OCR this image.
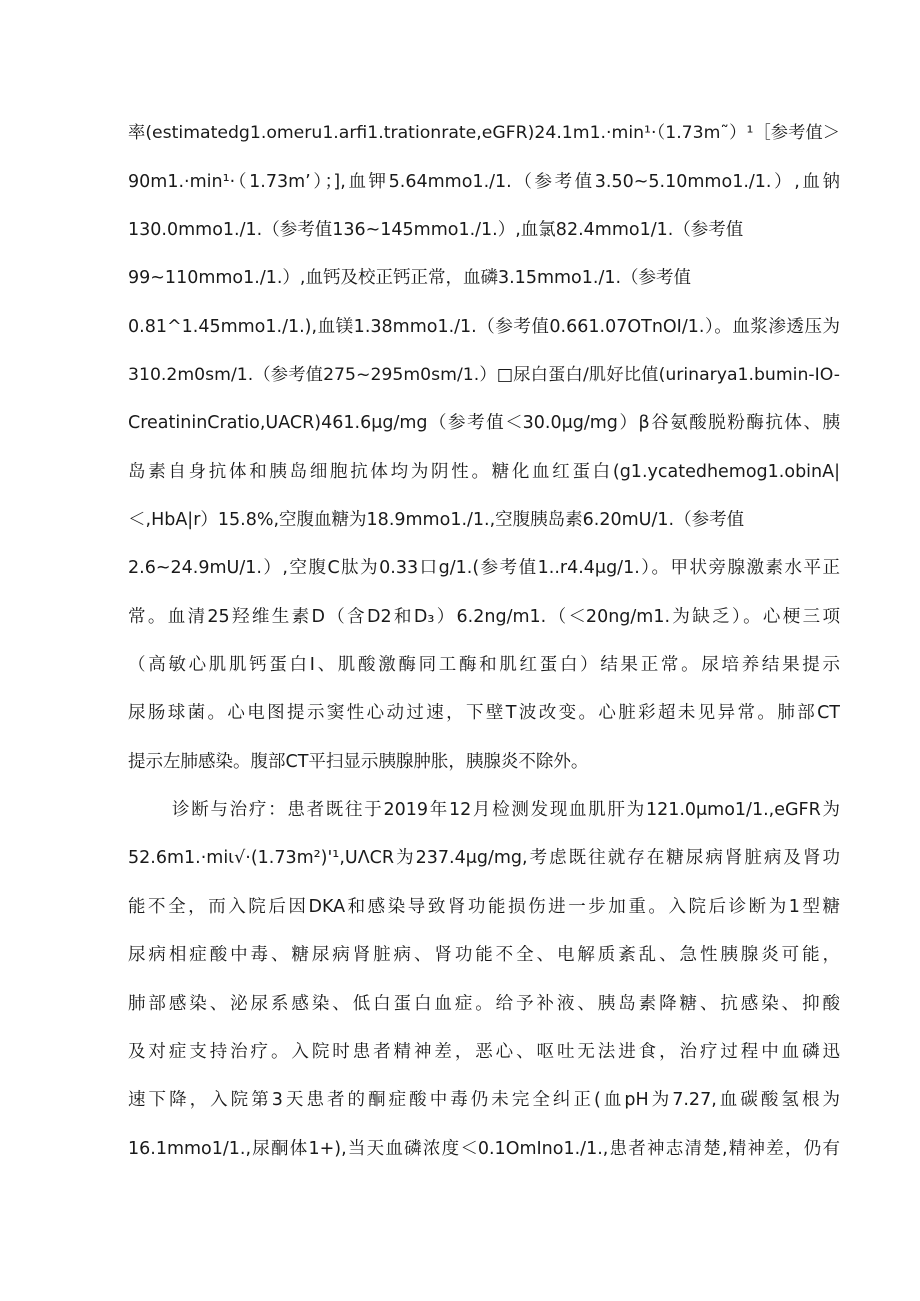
率(estimatedg1.omeru1.arfi1.trationrate,eGFR)24.1m1.·min¹·（1.73m˜）¹［参考值＞
90m1.·min¹·（1.73m’）；],血钾5.64mmo1./1.（参考值3.50~5.10mmo1./1.）,血钠
130.0mmo1./1.（参考值136~145mmo1./1.）,血氯82.4mmo1/1.（参考值
99~110mmo1./1.）,血钙及校正钙正常，血磷3.15mmo1./1.（参考值
0.81^1.45mmo1./1.),血镁1.38mmo1./1.（参考值0.661.07OTnOI/1.）。血浆渗透压为
310.2m0sm/1.（参考值275~295m0sm/1.）□尿白蛋白/肌好比值(urinarya1.bumin-IO-
CreatininCratio,UACR)461.6μg/mg（参考值＜30.0μg/mg）β谷氨酸脱粉酶抗体、胰
岛素自身抗体和胰岛细胞抗体均为阴性。糖化血红蛋白(g1.ycatedhemog1.obinA|
＜,HbA|r）15.8%,空腹血糖为18.9mmo1./1.,空腹胰岛素6.20mU/1.（参考值
2.6~24.9mU/1.）,空腹C肽为0.33口g/1.(参考值1..r4.4μg/1.）。甲状旁腺激素水平正
常。血清25羟维生素D（含D2和D₃）6.2ng/m1.（＜20ng/m1.为缺乏）。心梗三项
（高敏心肌肌钙蛋白I、肌酸激酶同工酶和肌红蛋白）结果正常。尿培养结果提示
尿肠球菌。心电图提示窦性心动过速，下壁T波改变。心脏彩超未见异常。肺部CT
提示左肺感染。腹部CT平扫显示胰腺肿胀，胰腺炎不除外。
诊断与治疗：患者既往于2019年12月检测发现血肌肝为121.0μmo1/1.,eGFR为
52.6m1.·miι√·(1.73m²)'¹,UΛCR为237.4μg/mg,考虑既往就存在糖尿病肾脏病及肾功
能不全，而入院后因DKA和感染导致肾功能损伤进一步加重。入院后诊断为1型糖
尿病相症酸中毒、糖尿病肾脏病、肾功能不全、电解质紊乱、急性胰腺炎可能，
肺部感染、泌尿系感染、低白蛋白血症。给予补液、胰岛素降糖、抗感染、抑酸
及对症支持治疗。入院时患者精神差，恶心、呕吐无法进食，治疗过程中血磷迅
速下降，入院第3天患者的酮症酸中毒仍未完全纠正(血pH为7.27,血碳酸氢根为
16.1mmo1/1.,尿酮体1+),当天血磷浓度＜0.1OmIno1./1.,患者神志清楚,精神差，仍有
